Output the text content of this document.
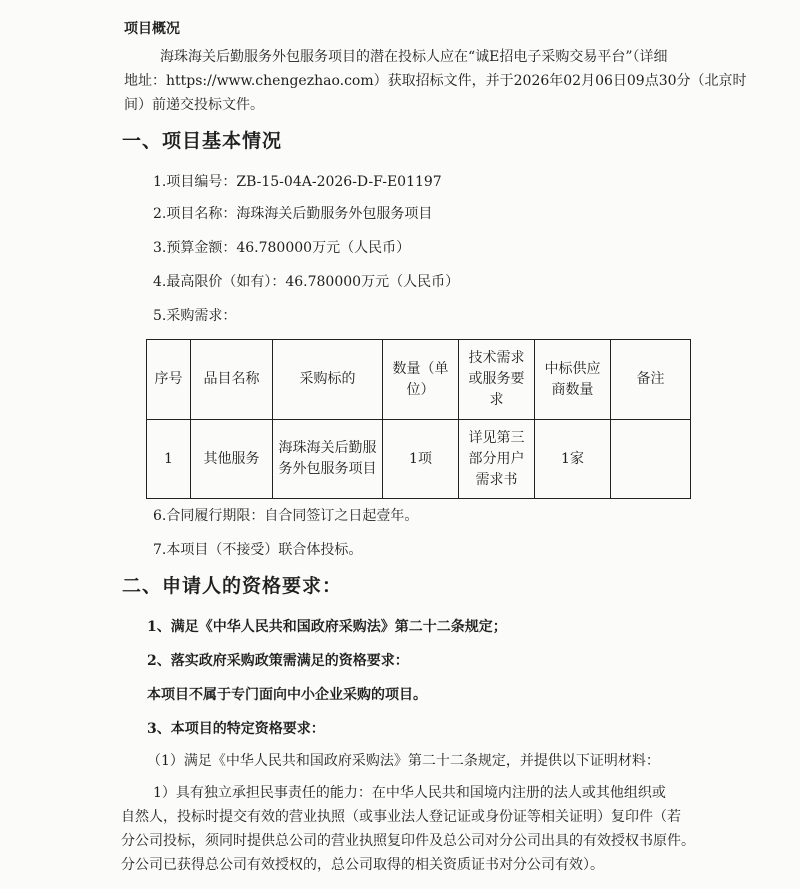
项目概况
海珠海关后勤服务外包服务项目的潜在投标人应在“诚E招电子采购交易平台”（详细
地址：https://www.chengezhao.com）获取招标文件，并于2026年02月06日09点30分（北京时
间）前递交投标文件。
一、项目基本情况
1.项目编号：ZB-15-04A-2026-D-F-E01197
2.项目名称：海珠海关后勤服务外包服务项目
3.预算金额：46.780000万元（人民币）
4.最高限价（如有）：46.780000万元（人民币）
5.采购需求：
序号	品目名称	采购标的	数量（单位）	技术需求或服务要求	中标供应商数量	备注
1	其他服务	海珠海关后勤服务外包服务项目	1项	详见第三部分用户需求书	1家	
6.合同履行期限：自合同签订之日起壹年。
7.本项目（不接受）联合体投标。
二、申请人的资格要求：
1、满足《中华人民共和国政府采购法》第二十二条规定；
2、落实政府采购政策需满足的资格要求：
本项目不属于专门面向中小企业采购的项目。
3、本项目的特定资格要求：
（1）满足《中华人民共和国政府采购法》第二十二条规定，并提供以下证明材料：
1）具有独立承担民事责任的能力：在中华人民共和国境内注册的法人或其他组织或
自然人，投标时提交有效的营业执照（或事业法人登记证或身份证等相关证明）复印件（若
分公司投标，须同时提供总公司的营业执照复印件及总公司对分公司出具的有效授权书原件。
分公司已获得总公司有效授权的，总公司取得的相关资质证书对分公司有效）。
